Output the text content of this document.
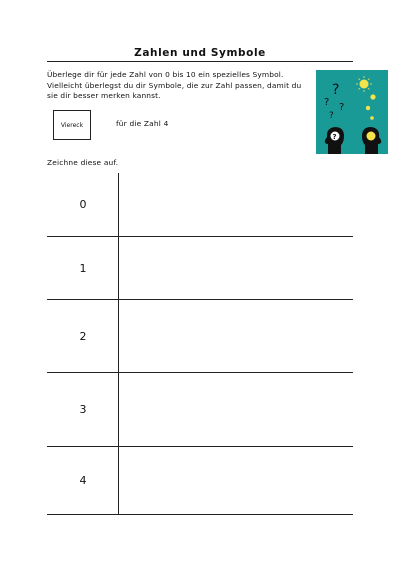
Zahlen und Symbole
Überlege dir für jede Zahl von 0 bis 10 ein spezielles Symbol. Vielleicht überlegst du dir Symbole, die zur Zahl passen, damit du sie dir besser merken kannst.
Viereck	für die Zahl 4
?
? ?
?
?
Zeichne diese auf.
0
1
2
3
4
